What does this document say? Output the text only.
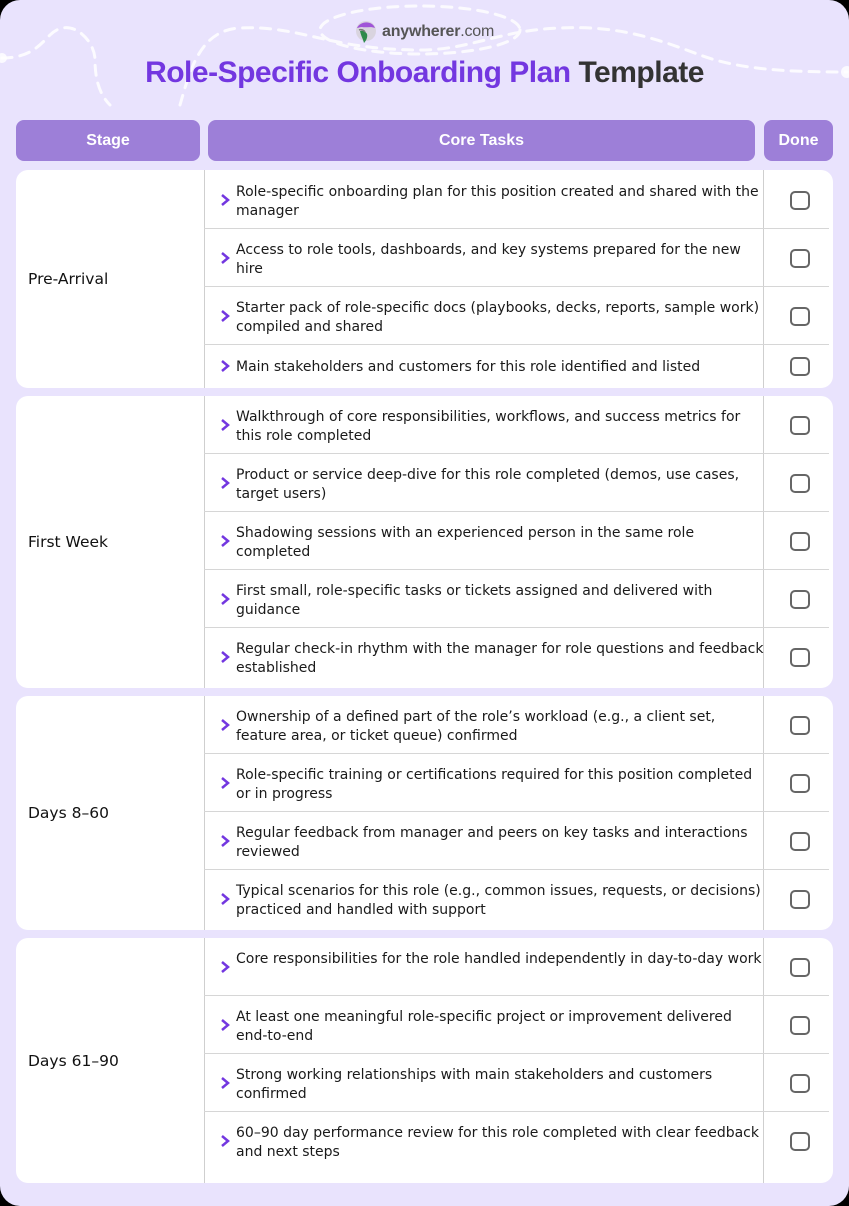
anywherer.com
Role-Specific Onboarding Plan Template
Stage	Core Tasks	Done
Pre-Arrival
Role-specific onboarding plan for this position created and shared with the manager
Access to role tools, dashboards, and key systems prepared for the new hire
Starter pack of role-specific docs (playbooks, decks, reports, sample work) compiled and shared
Main stakeholders and customers for this role identified and listed
First Week
Walkthrough of core responsibilities, workflows, and success metrics for this role completed
Product or service deep-dive for this role completed (demos, use cases, target users)
Shadowing sessions with an experienced person in the same role completed
First small, role-specific tasks or tickets assigned and delivered with guidance
Regular check-in rhythm with the manager for role questions and feedback established
Days 8–60
Ownership of a defined part of the role’s workload (e.g., a client set, feature area, or ticket queue) confirmed
Role-specific training or certifications required for this position completed or in progress
Regular feedback from manager and peers on key tasks and interactions reviewed
Typical scenarios for this role (e.g., common issues, requests, or decisions) practiced and handled with support
Days 61–90
Core responsibilities for the role handled independently in day-to-day work
At least one meaningful role-specific project or improvement delivered end-to-end
Strong working relationships with main stakeholders and customers confirmed
60–90 day performance review for this role completed with clear feedback and next steps
